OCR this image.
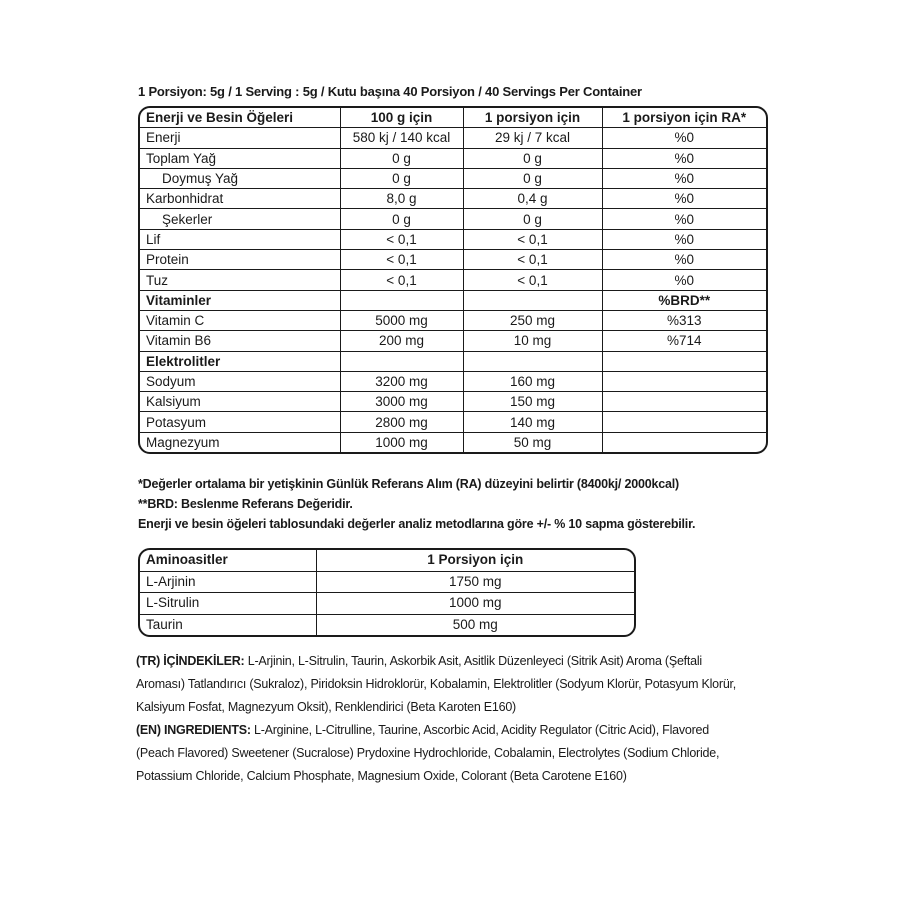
1 Porsiyon: 5g / 1 Serving : 5g / Kutu başına 40 Porsiyon / 40 Servings Per Container
Enerji ve Besin Öğeleri	100 g için	1 porsiyon için	1 porsiyon için RA*
Enerji	580 kj / 140 kcal	29 kj / 7 kcal	%0
Toplam Yağ	0 g	0 g	%0
Doymuş Yağ	0 g	0 g	%0
Karbonhidrat	8,0 g	0,4 g	%0
Şekerler	0 g	0 g	%0
Lif	< 0,1	< 0,1	%0
Protein	< 0,1	< 0,1	%0
Tuz	< 0,1	< 0,1	%0
Vitaminler			%BRD**
Vitamin C	5000 mg	250 mg	%313
Vitamin B6	200 mg	10 mg	%714
Elektrolitler			
Sodyum	3200 mg	160 mg	
Kalsiyum	3000 mg	150 mg	
Potasyum	2800 mg	140 mg	
Magnezyum	1000 mg	50 mg	
*Değerler ortalama bir yetişkinin Günlük Referans Alım (RA) düzeyini belirtir (8400kj/ 2000kcal)
**BRD: Beslenme Referans Değeridir.
Enerji ve besin öğeleri tablosundaki değerler analiz metodlarına göre +/- % 10 sapma gösterebilir.
Aminoasitler	1 Porsiyon için
L-Arjinin	1750 mg
L-Sitrulin	1000 mg
Taurin	500 mg

(TR) İÇİNDEKİLER: L-Arjinin, L-Sitrulin, Taurin, Askorbik Asit, Asitlik Düzenleyeci (Sitrik Asit) Aroma (Şeftali Aroması) Tatlandırıcı (Sukraloz), Piridoksin Hidroklorür, Kobalamin, Elektrolitler (Sodyum Klorür, Potasyum Klorür, Kalsiyum Fosfat, Magnezyum Oksit), Renklendirici (Beta Karoten E160)

(EN) INGREDIENTS: L-Arginine, L-Citrulline, Taurine, Ascorbic Acid, Acidity Regulator (Citric Acid), Flavored (Peach Flavored) Sweetener (Sucralose) Prydoxine Hydrochloride, Cobalamin, Electrolytes (Sodium Chloride, Potassium Chloride, Calcium Phosphate, Magnesium Oxide, Colorant (Beta Carotene E160)
